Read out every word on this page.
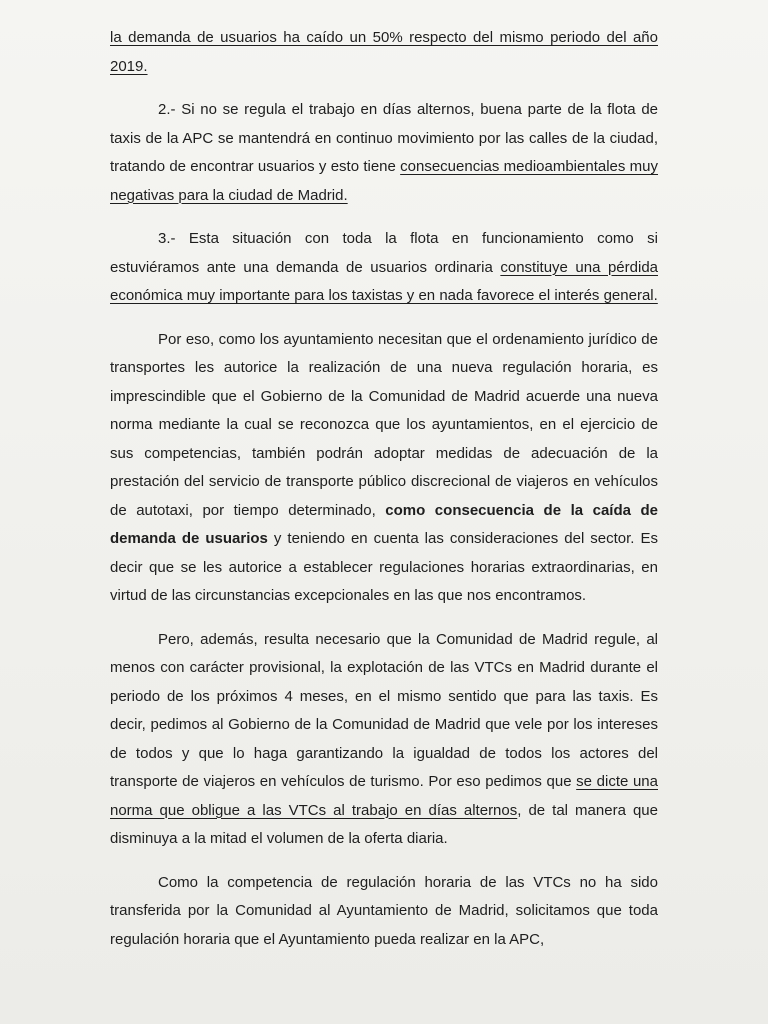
la demanda de usuarios ha caído un 50% respecto del mismo periodo del año 2019.

2.- Si no se regula el trabajo en días alternos, buena parte de la flota de taxis de la APC se mantendrá en continuo movimiento por las calles de la ciudad, tratando de encontrar usuarios y esto tiene consecuencias medioambientales muy negativas para la ciudad de Madrid.

3.- Esta situación con toda la flota en funcionamiento como si estuviéramos ante una demanda de usuarios ordinaria constituye una pérdida económica muy importante para los taxistas y en nada favorece el interés general.

Por eso, como los ayuntamiento necesitan que el ordenamiento jurídico de transportes les autorice la realización de una nueva regulación horaria, es imprescindible que el Gobierno de la Comunidad de Madrid acuerde una nueva norma mediante la cual se reconozca que los ayuntamientos, en el ejercicio de sus competencias, también podrán adoptar medidas de adecuación de la prestación del servicio de transporte público discrecional de viajeros en vehículos de autotaxi, por tiempo determinado, como consecuencia de la caída de demanda de usuarios y teniendo en cuenta las consideraciones del sector. Es decir que se les autorice a establecer regulaciones horarias extraordinarias, en virtud de las circunstancias excepcionales en las que nos encontramos.

Pero, además, resulta necesario que la Comunidad de Madrid regule, al menos con carácter provisional, la explotación de las VTCs en Madrid durante el periodo de los próximos 4 meses, en el mismo sentido que para las taxis. Es decir, pedimos al Gobierno de la Comunidad de Madrid que vele por los intereses de todos y que lo haga garantizando la igualdad de todos los actores del transporte de viajeros en vehículos de turismo. Por eso pedimos que se dicte una norma que obligue a las VTCs al trabajo en días alternos, de tal manera que disminuya a la mitad el volumen de la oferta diaria.

Como la competencia de regulación horaria de las VTCs no ha sido transferida por la Comunidad al Ayuntamiento de Madrid, solicitamos que toda regulación horaria que el Ayuntamiento pueda realizar en la APC,
